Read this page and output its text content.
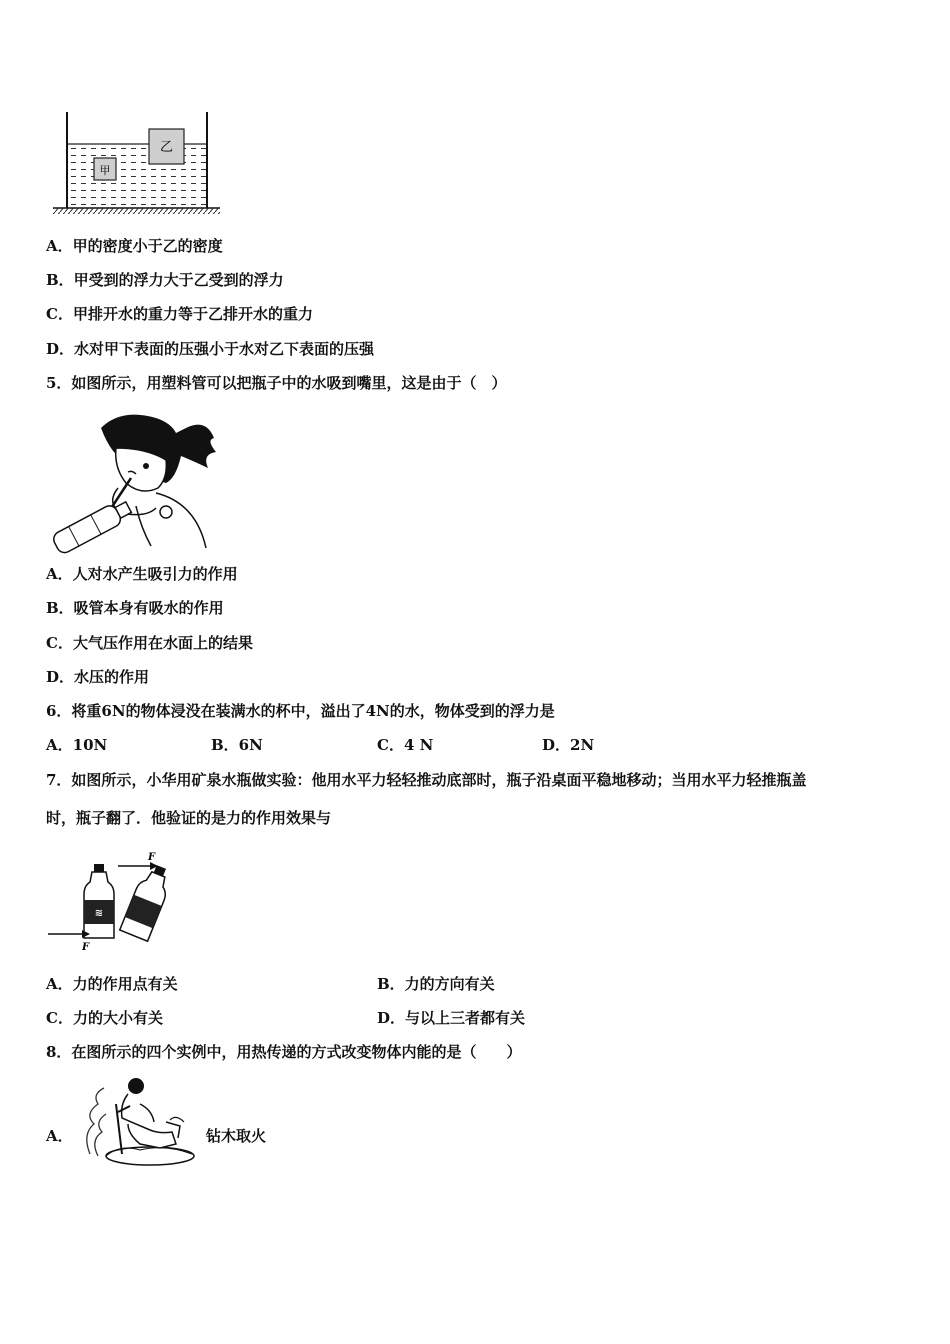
甲
乙
A．甲的密度小于乙的密度
B．甲受到的浮力大于乙受到的浮力
C．甲排开水的重力等于乙排开水的重力
D．水对甲下表面的压强小于水对乙下表面的压强
5．如图所示，用塑料管可以把瓶子中的水吸到嘴里，这是由于（　）
A．人对水产生吸引力的作用
B．吸管本身有吸水的作用
C．大气压作用在水面上的结果
D．水压的作用
6．将重6N的物体浸没在装满水的杯中，溢出了4N的水，物体受到的浮力是
A．10N	B．6N	C．4 N	D．2N
7．如图所示，小华用矿泉水瓶做实验：他用水平力轻轻推动底部时，瓶子沿桌面平稳地移动；当用水平力轻推瓶盖
时，瓶子翻了．他验证的是力的作用效果与
≋
F
F
A．力的作用点有关	B．力的方向有关
C．力的大小有关	D．与以上三者都有关
8．在图所示的四个实例中，用热传递的方式改变物体内能的是（　　）
A．	钻木取火
